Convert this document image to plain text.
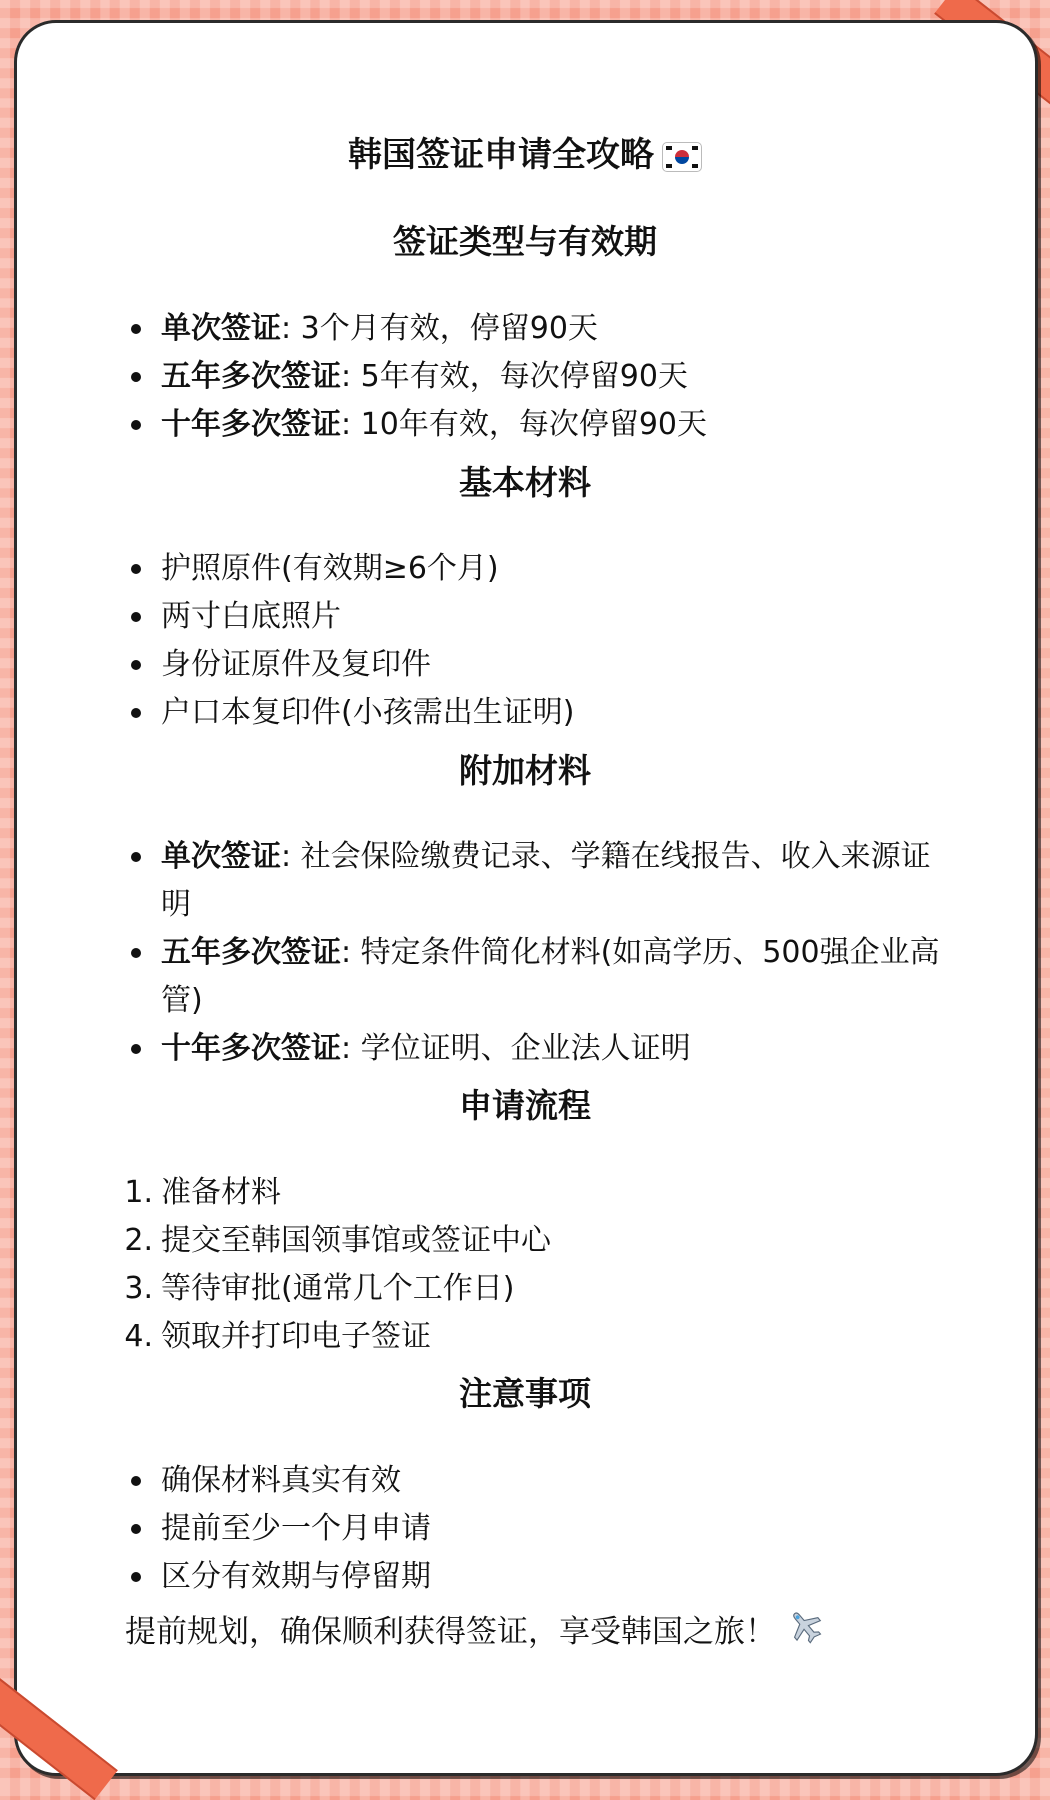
韩国签证申请全攻略
签证类型与有效期
单次签证: 3个月有效，停留90天
五年多次签证: 5年有效，每次停留90天
十年多次签证: 10年有效，每次停留90天
基本材料
护照原件(有效期≥6个月)
两寸白底照片
身份证原件及复印件
户口本复印件(小孩需出生证明)
附加材料
单次签证: 社会保险缴费记录、学籍在线报告、收入来源证明
五年多次签证: 特定条件简化材料(如高学历、500强企业高管)
十年多次签证: 学位证明、企业法人证明
申请流程
1. 准备材料
2. 提交至韩国领事馆或签证中心
3. 等待审批(通常几个工作日)
4. 领取并打印电子签证
注意事项
确保材料真实有效
提前至少一个月申请
区分有效期与停留期

提前规划，确保顺利获得签证，享受韩国之旅！
